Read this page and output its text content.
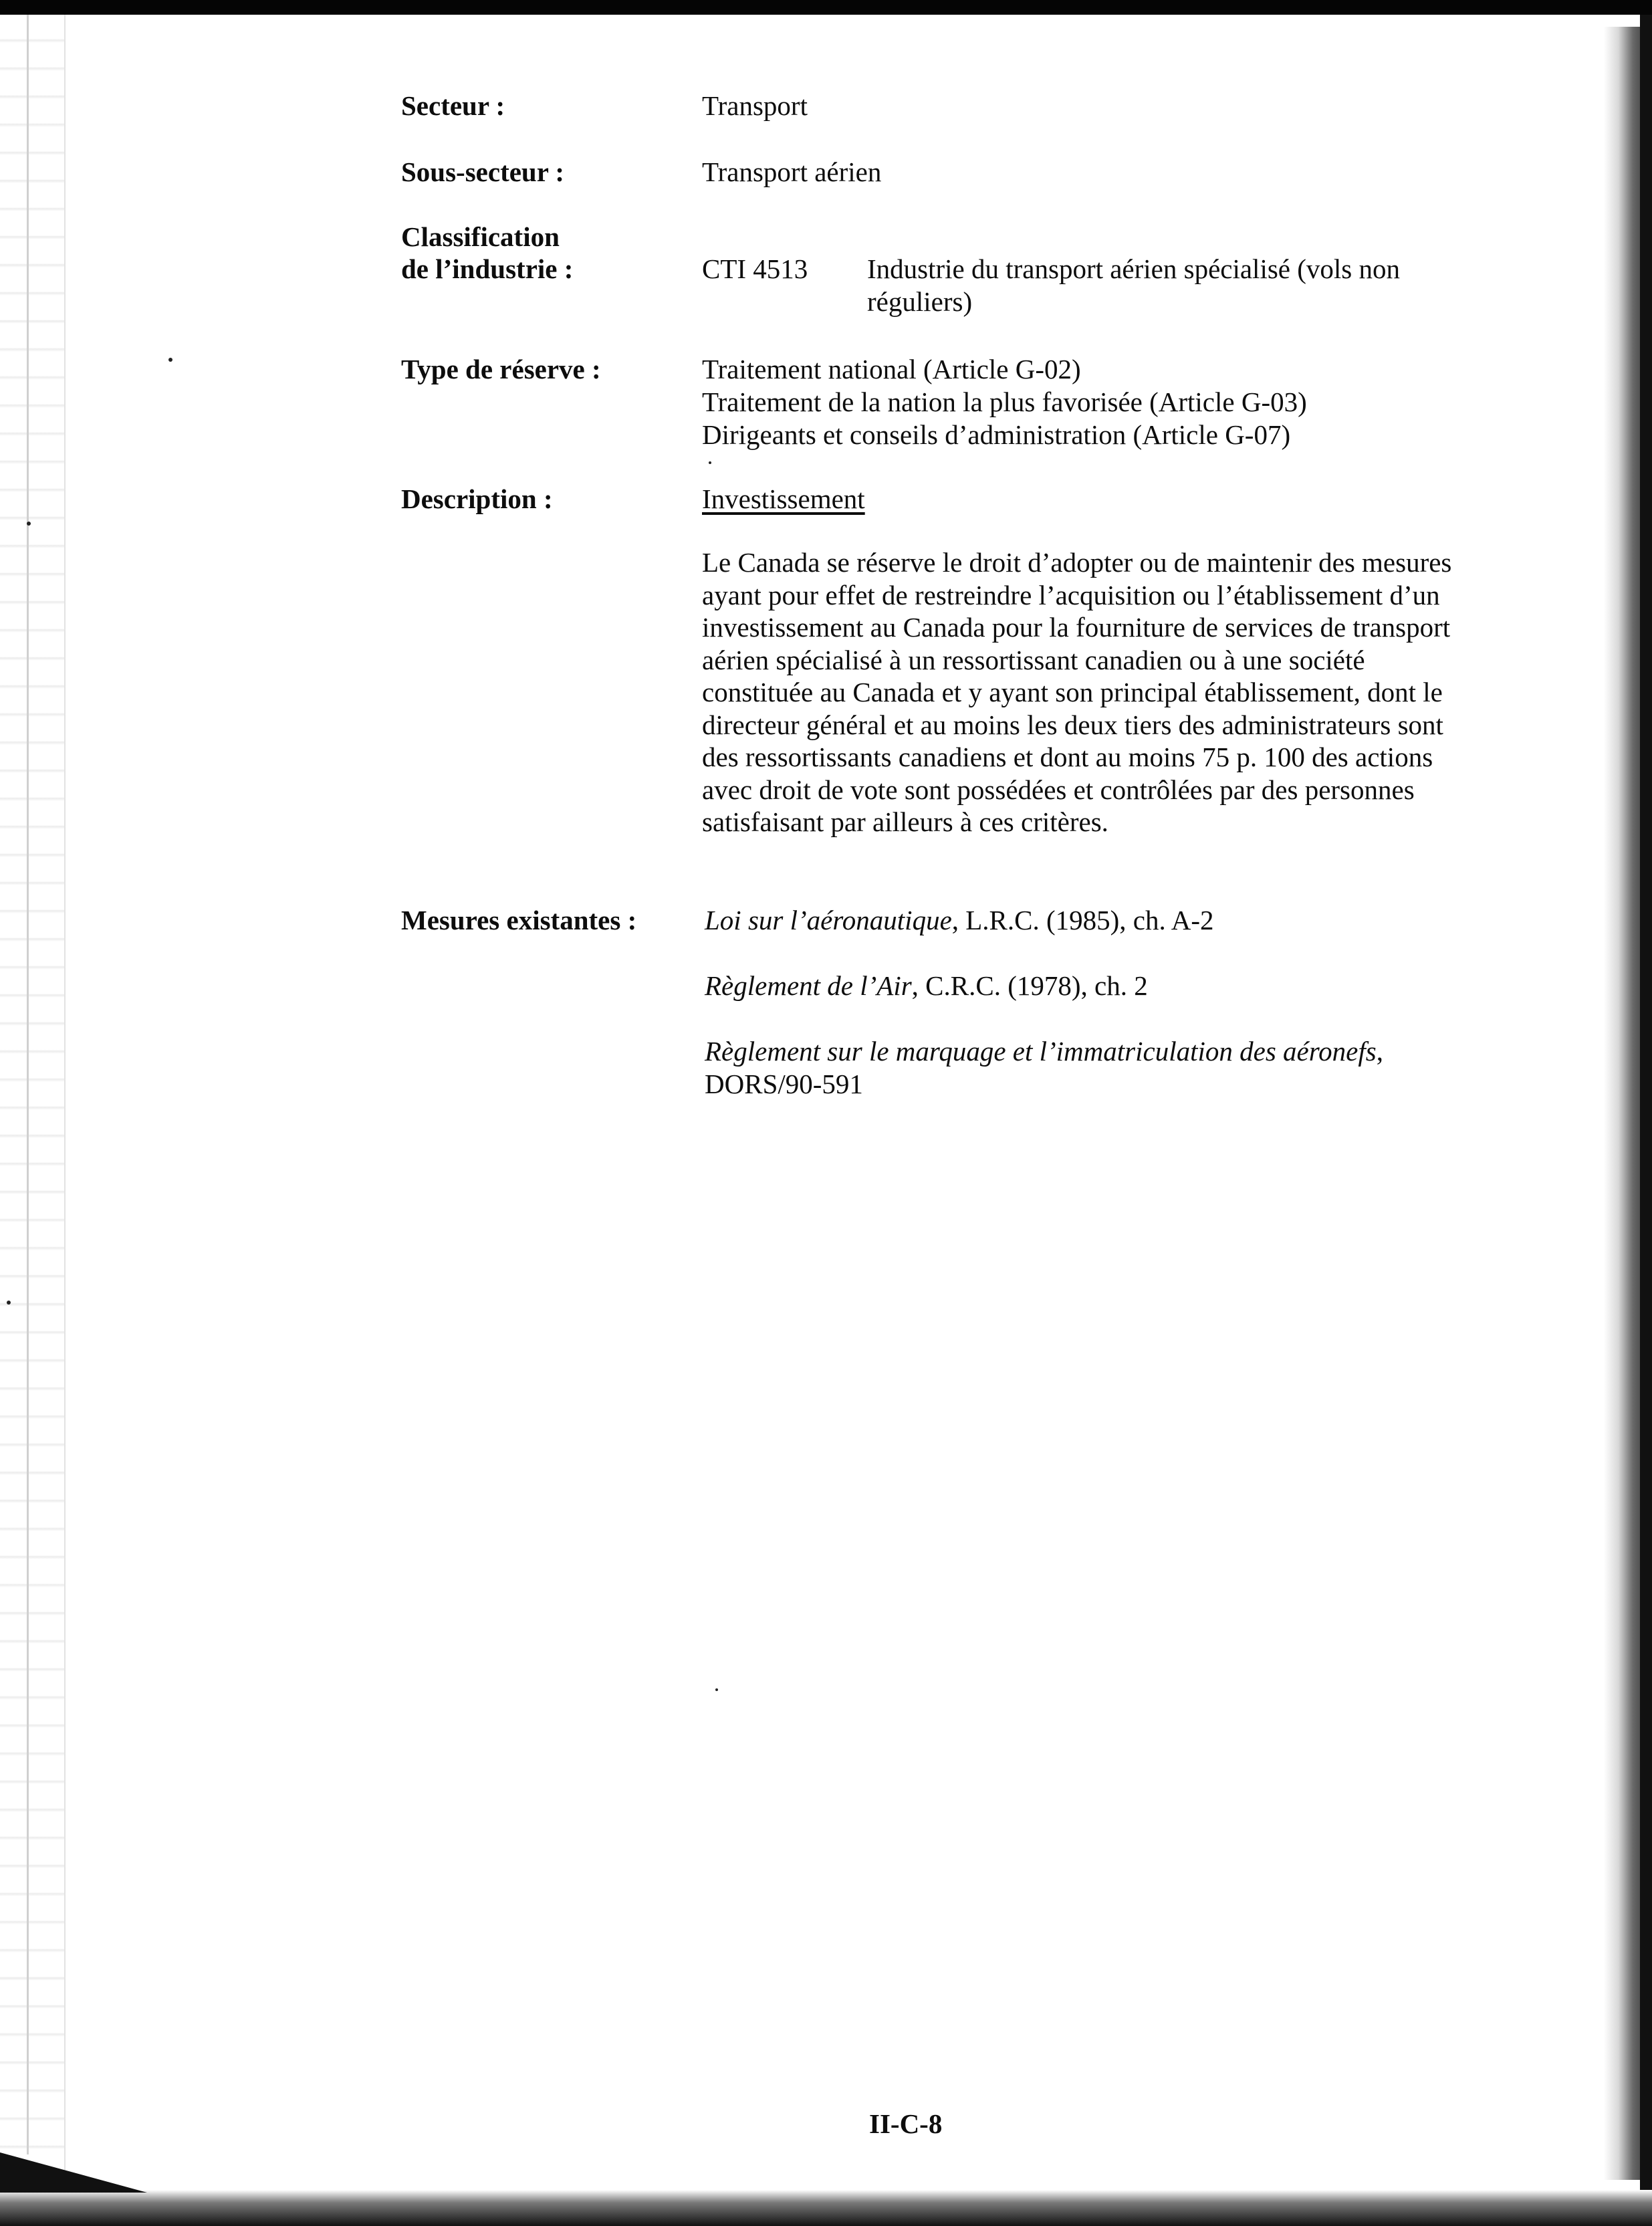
Secteur :	Transport
Sous-secteur :	Transport aérien
Classification
de l’industrie :	CTI 4513 Industrie du transport aérien spécialisé (vols non réguliers)
Type de réserve :	Traitement national (Article G-02)

Traitement de la nation la plus favorisée (Article G-03)

Dirigeants et conseils d’administration (Article G-07)

Description :	Investissement

Le Canada se réserve le droit d’adopter ou de maintenir des mesures ayant pour effet de restreindre l’acquisition ou l’établissement d’un investissement au Canada pour la fourniture de services de transport aérien spécialisé à un ressortissant canadien ou à une société constituée au Canada et y ayant son principal établissement, dont le directeur général et au moins les deux tiers des administrateurs sont des ressortissants canadiens et dont au moins 75 p. 100 des actions avec droit de vote sont possédées et contrôlées par des personnes satisfaisant par ailleurs à ces critères.

Mesures existantes :	Loi sur l’aéronautique, L.R.C. (1985), ch. A-2

Règlement de l’Air, C.R.C. (1978), ch. 2

Règlement sur le marquage et l’immatriculation des aéronefs,
DORS/90-591

II-C-8
